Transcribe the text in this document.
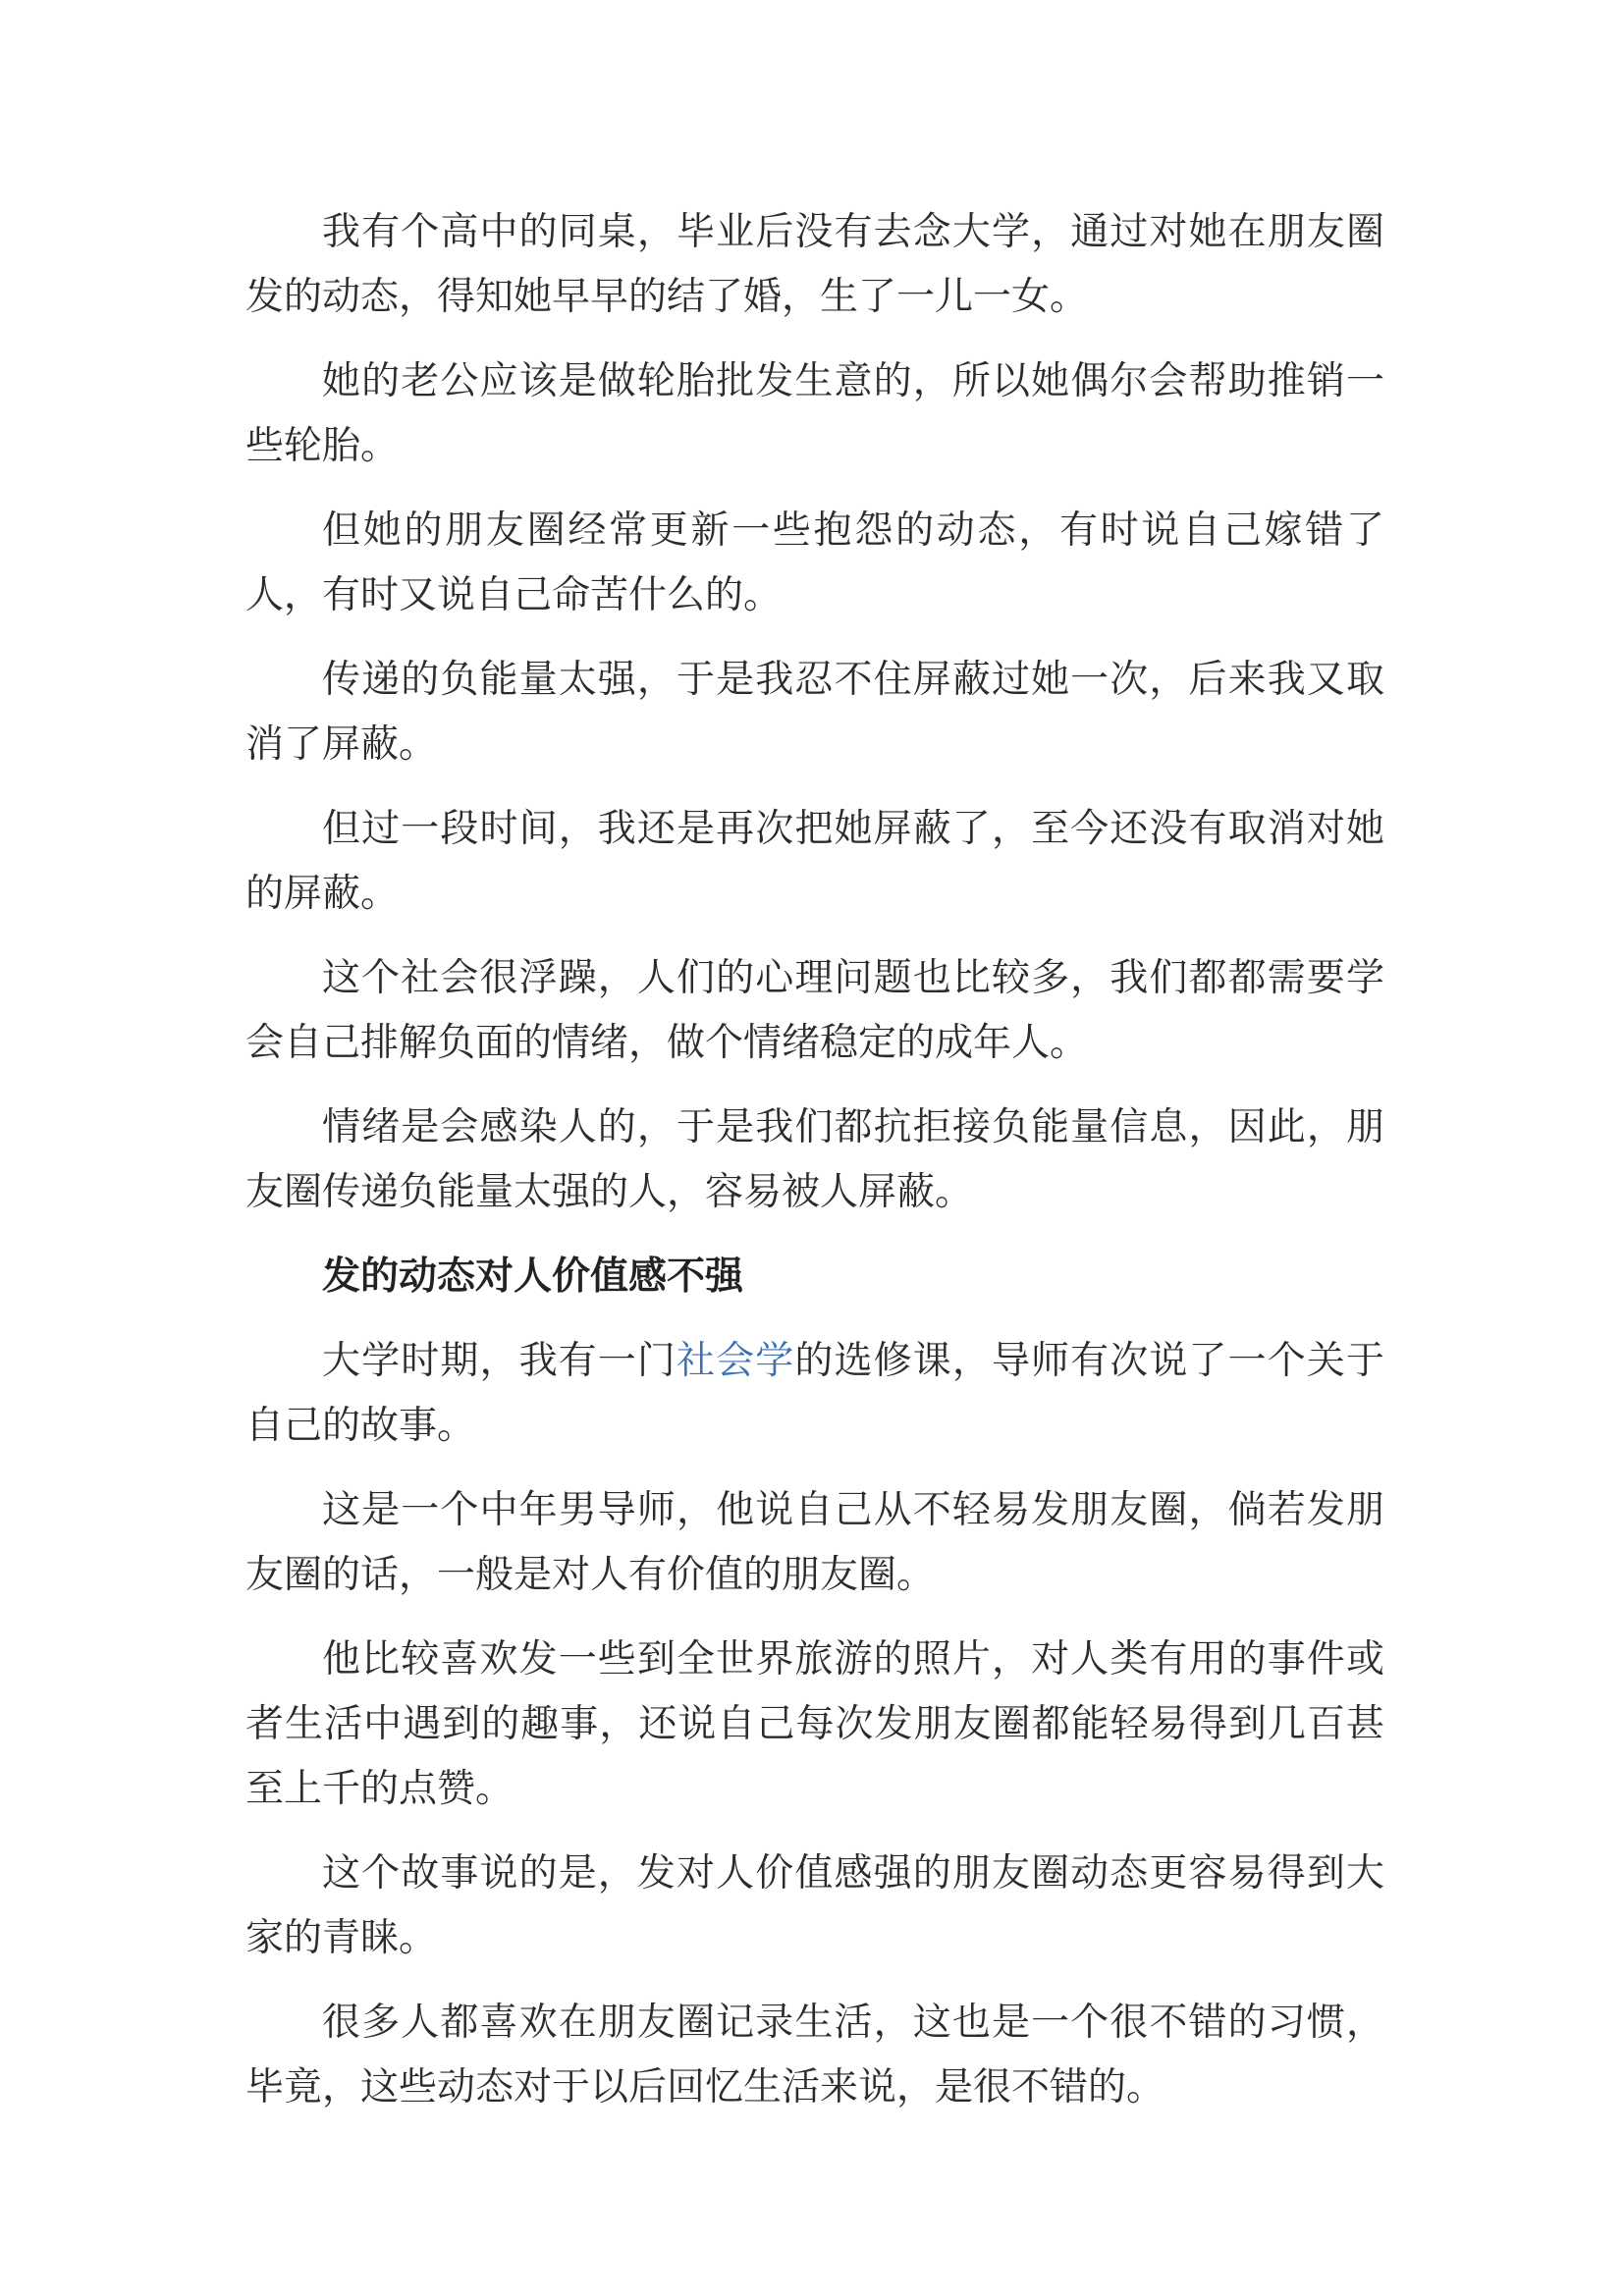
我有个高中的同桌，毕业后没有去念大学，通过对她在朋友圈发的动态，得知她早早的结了婚，生了一儿一女。

她的老公应该是做轮胎批发生意的，所以她偶尔会帮助推销一些轮胎。

但她的朋友圈经常更新一些抱怨的动态，有时说自己嫁错了人，有时又说自己命苦什么的。

传递的负能量太强，于是我忍不住屏蔽过她一次，后来我又取消了屏蔽。

但过一段时间，我还是再次把她屏蔽了，至今还没有取消对她的屏蔽。

这个社会很浮躁，人们的心理问题也比较多，我们都都需要学会自己排解负面的情绪，做个情绪稳定的成年人。

情绪是会感染人的，于是我们都抗拒接负能量信息，因此，朋友圈传递负能量太强的人，容易被人屏蔽。

发的动态对人价值感不强

大学时期，我有一门社会学的选修课，导师有次说了一个关于自己的故事。

这是一个中年男导师，他说自己从不轻易发朋友圈，倘若发朋友圈的话，一般是对人有价值的朋友圈。

他比较喜欢发一些到全世界旅游的照片，对人类有用的事件或者生活中遇到的趣事，还说自己每次发朋友圈都能轻易得到几百甚至上千的点赞。

这个故事说的是，发对人价值感强的朋友圈动态更容易得到大家的青睐。

很多人都喜欢在朋友圈记录生活，这也是一个很不错的习惯，毕竟，这些动态对于以后回忆生活来说，是很不错的。
